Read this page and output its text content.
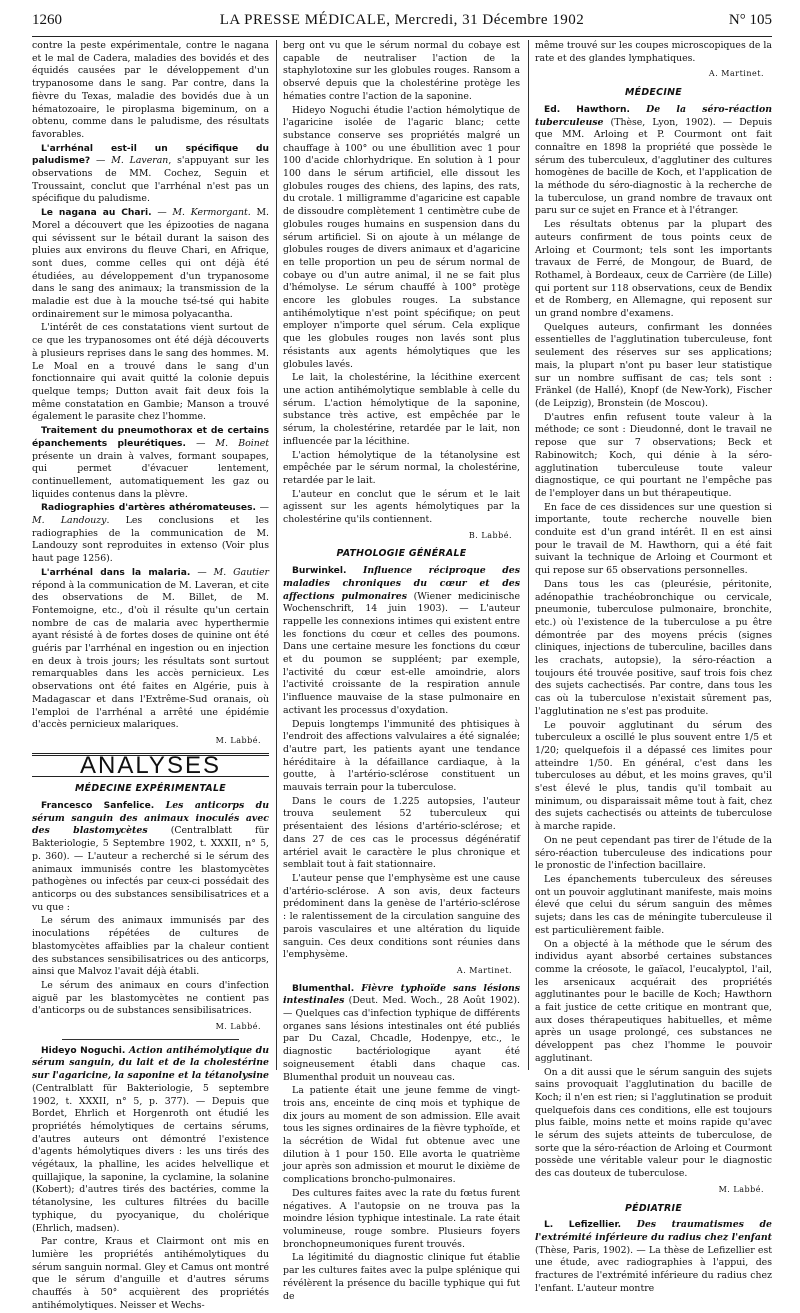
1260	LA PRESSE MÉDICALE, Mercredi, 31 Décembre 1902	N° 105

contre la peste expérimentale, contre le nagana et le mal de Cadera, maladies des bovidés et des équidés causées par le développement d'un trypanosome dans le sang. Par contre, dans la fièvre du Texas, maladie des bovidés due à un hématozoaire, le piroplasma bigeminum, on a obtenu, comme dans le paludisme, des résultats favorables.

L'arrhénal est-il un spécifique du paludisme? — M. Laveran, s'appuyant sur les observations de MM. Cochez, Seguin et Troussaint, conclut que l'arrhénal n'est pas un spécifique du paludisme.

Le nagana au Chari. — M. Kermorgant. M. Morel a découvert que les épizooties de nagana qui sévissent sur le bétail durant la saison des pluies aux environs du fleuve Chari, en Afrique, sont dues, comme celles qui ont déjà été étudiées, au développement d'un trypanosome dans le sang des animaux; la transmission de la maladie est due à la mouche tsé-tsé qui habite ordinairement sur le mimosa polyacantha.

L'intérêt de ces constatations vient surtout de ce que les trypanosomes ont été déjà découverts à plusieurs reprises dans le sang des hommes. M. Le Moal en a trouvé dans le sang d'un fonctionnaire qui avait quitté la colonie depuis quelque temps; Dutton avait fait deux fois la même constatation en Gambie; Manson a trouvé également le parasite chez l'homme.

Traitement du pneumothorax et de certains épanchements pleurétiques. — M. Boinet présente un drain à valves, formant soupapes, qui permet d'évacuer lentement, continuellement, automatiquement les gaz ou liquides contenus dans la plèvre.

Radiographies d'artères athéromateuses. — M. Landouzy. Les conclusions et les radiographies de la communication de M. Landouzy sont reproduites in extenso (Voir plus haut page 1256).

L'arrhénal dans la malaria. — M. Gautier répond à la communication de M. Laveran, et cite des observations de M. Billet, de M. Fontemoigne, etc., d'où il résulte qu'un certain nombre de cas de malaria avec hyperthermie ayant résisté à de fortes doses de quinine ont été guéris par l'arrhénal en ingestion ou en injection en deux à trois jours; les résultats sont surtout remarquables dans les accès pernicieux. Les observations ont été faites en Algérie, puis à Madagascar et dans l'Extrême-Sud oranais, où l'emploi de l'arrhénal a arrêté une épidémie d'accès pernicieux malariques.

M. Labbé.
ANALYSES
MÉDECINE EXPÉRIMENTALE

Francesco Sanfelice. Les anticorps du sérum sanguin des animaux inoculés avec des blastomycètes (Centralblatt für Bakteriologie, 5 Septembre 1902, t. XXXII, n° 5, p. 360). — L'auteur a recherché si le sérum des animaux immunisés contre les blastomycètes pathogènes ou infectés par ceux-ci possédait des anticorps ou des substances sensibilisatrices et a vu que :

Le sérum des animaux immunisés par des inoculations répétées de cultures de blastomycètes affaiblies par la chaleur contient des substances sensibilisatrices ou des anticorps, ainsi que Malvoz l'avait déjà établi.

Le sérum des animaux en cours d'infection aiguë par les blastomycètes ne contient pas d'anticorps ou de substances sensibilisatrices.

M. Labbé.

Hideyo Noguchi. Action antihémolytique du sérum sanguin, du lait et de la cholestérine sur l'agaricine, la saponine et la tétanolysine (Centralblatt für Bakteriologie, 5 septembre 1902, t. XXXII, n° 5, p. 377). — Depuis que Bordet, Ehrlich et Horgenroth ont étudié les propriétés hémolytiques de certains sérums, d'autres auteurs ont démontré l'existence d'agents hémolytiques divers : les uns tirés des végétaux, la phalline, les acides helvellique et quillajique, la saponine, la cyclamine, la solanine (Kobert); d'autres tirés des bactéries, comme la tétanolysine, les cultures filtrées du bacille typhique, du pyocyanique, du cholérique (Ehrlich, madsen).

Par contre, Kraus et Clairmont ont mis en lumière les propriétés antihémolytiques du sérum sanguin normal. Gley et Camus ont montré que le sérum d'anguille et d'autres sérums chauffés à 50° acquièrent des propriétés antihémolytiques. Neisser et Wechs-

berg ont vu que le sérum normal du cobaye est capable de neutraliser l'action de la staphylotoxine sur les globules rouges. Ransom a observé depuis que la cholestérine protège les hématies contre l'action de la saponine.

Hideyo Noguchi étudie l'action hémolytique de l'agaricine isolée de l'agaric blanc; cette substance conserve ses propriétés malgré un chauffage à 100° ou une ébullition avec 1 pour 100 d'acide chlorhydrique. En solution à 1 pour 100 dans le sérum artificiel, elle dissout les globules rouges des chiens, des lapins, des rats, du crotale. 1 milligramme d'agaricine est capable de dissoudre complètement 1 centimètre cube de globules rouges humains en suspension dans du sérum artificiel. Si on ajoute à un mélange de globules rouges de divers animaux et d'agaricine en telle proportion un peu de sérum normal de cobaye ou d'un autre animal, il ne se fait plus d'hémolyse. Le sérum chauffé à 100° protège encore les globules rouges. La substance antihémolytique n'est point spécifique; on peut employer n'importe quel sérum. Cela explique que les globules rouges non lavés sont plus résistants aux agents hémolytiques que les globules lavés.

Le lait, la cholestérine, la lécithine exercent une action antihémolytique semblable à celle du sérum. L'action hémolytique de la saponine, substance très active, est empêchée par le sérum, la cholestérine, retardée par le lait, non influencée par la lécithine.

L'action hémolytique de la tétanolysine est empêchée par le sérum normal, la cholestérine, retardée par le lait.

L'auteur en conclut que le sérum et le lait agissent sur les agents hémolytiques par la cholestérine qu'ils contiennent.

B. Labbé.
PATHOLOGIE GÉNÉRALE

Burwinkel. Influence réciproque des maladies chroniques du cœur et des affections pulmonaires (Wiener medicinische Wochenschrift, 14 juin 1903). — L'auteur rappelle les connexions intimes qui existent entre les fonctions du cœur et celles des poumons. Dans une certaine mesure les fonctions du cœur et du poumon se suppléent; par exemple, l'activité du cœur est-elle amoindrie, alors l'activité croissante de la respiration annule l'influence mauvaise de la stase pulmonaire en activant les processus d'oxydation.

Depuis longtemps l'immunité des phtisiques à l'endroit des affections valvulaires a été signalée; d'autre part, les patients ayant une tendance héréditaire à la défaillance cardiaque, à la goutte, à l'artério-sclérose constituent un mauvais terrain pour la tuberculose.

Dans le cours de 1.225 autopsies, l'auteur trouva seulement 52 tuberculeux qui présentaient des lésions d'artério-sclérose; et dans 27 de ces cas le processus dégénératif artériel avait le caractère le plus chronique et semblait tout à fait stationnaire.

L'auteur pense que l'emphysème est une cause d'artério-sclérose. A son avis, deux facteurs prédominent dans la genèse de l'artério-sclérose : le ralentissement de la circulation sanguine des parois vasculaires et une altération du liquide sanguin. Ces deux conditions sont réunies dans l'emphysème.

A. Martinet.

Blumenthal. Fièvre typhoïde sans lésions intestinales (Deut. Med. Woch., 28 Août 1902). — Quelques cas d'infection typhique de différents organes sans lésions intestinales ont été publiés par Du Cazal, Chcadle, Hodenpye, etc., le diagnostic bactériologique ayant été soigneusement établi dans chaque cas. Blumenthal produit un nouveau cas.

La patiente était une jeune femme de vingt-trois ans, enceinte de cinq mois et typhique de dix jours au moment de son admission. Elle avait tous les signes ordinaires de la fièvre typhoïde, et la sécrétion de Widal fut obtenue avec une dilution à 1 pour 150. Elle avorta le quatrième jour après son admission et mourut le dixième de complications broncho-pulmonaires.

Des cultures faites avec la rate du fœtus furent négatives. A l'autopsie on ne trouva pas la moindre lésion typhique intestinale. La rate était volumineuse, rouge sombre. Plusieurs foyers bronchopneumoniques furent trouvés.

La légitimité du diagnostic clinique fut établie par les cultures faites avec la pulpe splénique qui révélèrent la présence du bacille typhique qui fut de

même trouvé sur les coupes microscopiques de la rate et des glandes lymphatiques.

A. Martinet.
MÉDECINE

Ed. Hawthorn. De la séro-réaction tuberculeuse (Thèse, Lyon, 1902). — Depuis que MM. Arloing et P. Courmont ont fait connaître en 1898 la propriété que possède le sérum des tuberculeux, d'agglutiner des cultures homogènes de bacille de Koch, et l'application de la méthode du séro-diagnostic à la recherche de la tuberculose, un grand nombre de travaux ont paru sur ce sujet en France et à l'étranger.

Les résultats obtenus par la plupart des auteurs confirment de tous points ceux de Arloing et Courmont; tels sont les importants travaux de Ferré, de Mongour, de Buard, de Rothamel, à Bordeaux, ceux de Carrière (de Lille) qui portent sur 118 observations, ceux de Bendix et de Romberg, en Allemagne, qui reposent sur un grand nombre d'examens.

Quelques auteurs, confirmant les données essentielles de l'agglutination tuberculeuse, font seulement des réserves sur ses applications; mais, la plupart n'ont pu baser leur statistique sur un nombre suffisant de cas; tels sont : Fränkel (de Hallé), Knopf (de New-York), Fischer (de Leipzig), Bronstein (de Moscou).

D'autres enfin refusent toute valeur à la méthode; ce sont : Dieudonné, dont le travail ne repose que sur 7 observations; Beck et Rabinowitch; Koch, qui dénie à la séro-agglutination tuberculeuse toute valeur diagnostique, ce qui pourtant ne l'empêche pas de l'employer dans un but thérapeutique.

En face de ces dissidences sur une question si importante, toute recherche nouvelle bien conduite est d'un grand intérêt. Il en est ainsi pour le travail de M. Hawthorn, qui a été fait suivant la technique de Arloing et Courmont et qui repose sur 65 observations personnelles.

Dans tous les cas (pleurésie, péritonite, adénopathie trachéobronchique ou cervicale, pneumonie, tuberculose pulmonaire, bronchite, etc.) où l'existence de la tuberculose a pu être démontrée par des moyens précis (signes cliniques, injections de tuberculine, bacilles dans les crachats, autopsie), la séro-réaction a toujours été trouvée positive, sauf trois fois chez des sujets cachectisés. Par contre, dans tous les cas où la tuberculose n'existait sûrement pas, l'agglutination ne s'est pas produite.

Le pouvoir agglutinant du sérum des tuberculeux a oscillé le plus souvent entre 1/5 et 1/20; quelquefois il a dépassé ces limites pour atteindre 1/50. En général, c'est dans les tuberculoses au début, et les moins graves, qu'il s'est élevé le plus, tandis qu'il tombait au minimum, ou disparaissait même tout à fait, chez des sujets cachectisés ou atteints de tuberculose à marche rapide.

On ne peut cependant pas tirer de l'étude de la séro-réaction tuberculeuse des indications pour le pronostic de l'infection bacillaire.

Les épanchements tuberculeux des séreuses ont un pouvoir agglutinant manifeste, mais moins élevé que celui du sérum sanguin des mêmes sujets; dans les cas de méningite tuberculeuse il est particulièrement faible.

On a objecté à la méthode que le sérum des individus ayant absorbé certaines substances comme la créosote, le gaïacol, l'eucalyptol, l'ail, les arsenicaux acquérait des propriétés agglutinantes pour le bacille de Koch; Hawthorn a fait justice de cette critique en montrant que, aux doses thérapeutiques habituelles, et même après un usage prolongé, ces substances ne développent pas chez l'homme le pouvoir agglutinant.

On a dit aussi que le sérum sanguin des sujets sains provoquait l'agglutination du bacille de Koch; il n'en est rien; si l'agglutination se produit quelquefois dans ces conditions, elle est toujours plus faible, moins nette et moins rapide qu'avec le sérum des sujets atteints de tuberculose, de sorte que la séro-réaction de Arloing et Courmont possède une véritable valeur pour le diagnostic des cas douteux de tuberculose.

M. Labbé.
PÉDIATRIE

L. Lefizellier. Des traumatismes de l'extrémité inférieure du radius chez l'enfant (Thèse, Paris, 1902). — La thèse de Lefizellier est une étude, avec radiographies à l'appui, des fractures de l'extrémité inférieure du radius chez l'enfant. L'auteur montre
